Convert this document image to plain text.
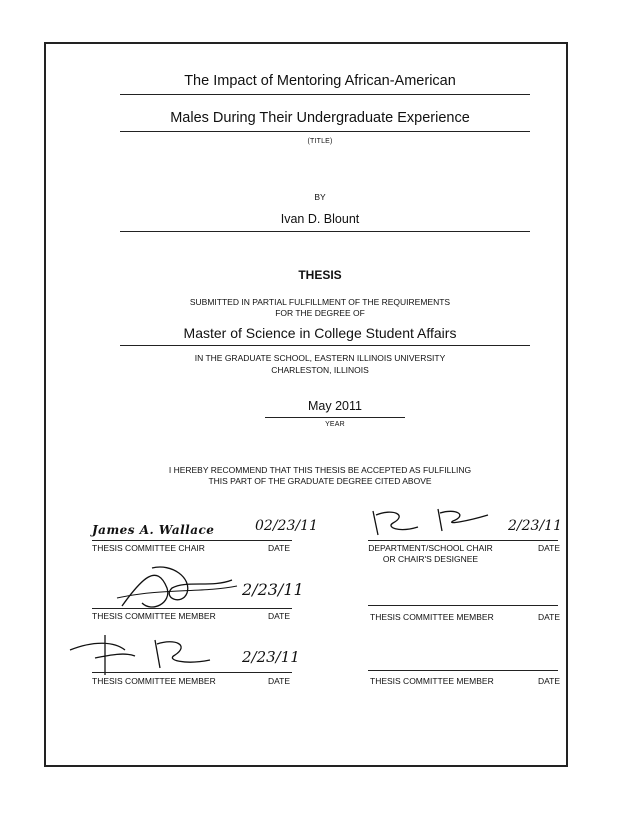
The Impact of Mentoring African-American
Males During Their Undergraduate Experience
(TITLE)
BY
Ivan D. Blount
THESIS
SUBMITTED IN PARTIAL FULFILLMENT OF THE REQUIREMENTS
FOR THE DEGREE OF
Master of Science in College Student Affairs
IN THE GRADUATE SCHOOL, EASTERN ILLINOIS UNIVERSITY
CHARLESTON, ILLINOIS
May 2011
YEAR
I HEREBY RECOMMEND THAT THIS THESIS BE ACCEPTED AS FULFILLING
THIS PART OF THE GRADUATE DEGREE CITED ABOVE
James A. Wallace	02/23/11
THESIS COMMITTEE CHAIR	DATE
2/23/11
THESIS COMMITTEE MEMBER	DATE
2/23/11
THESIS COMMITTEE MEMBER	DATE
2/23/11
DEPARTMENT/SCHOOL CHAIR
OR CHAIR'S DESIGNEE
DATE
THESIS COMMITTEE MEMBER	DATE
THESIS COMMITTEE MEMBER	DATE
